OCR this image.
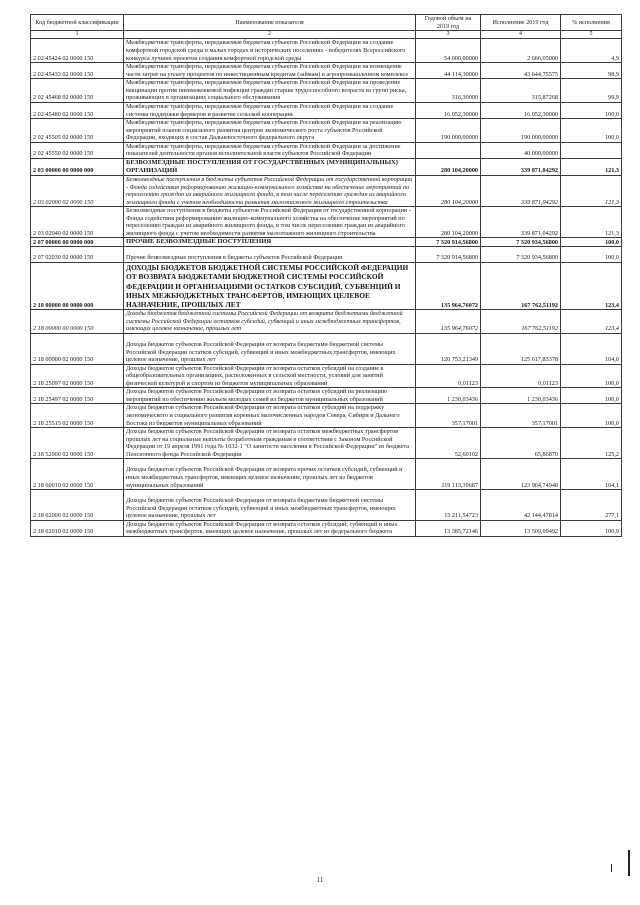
Код бюджетной классификации	Наименование показателя	Годовой объем на 2019 год	Исполнение 2019 год	% исполнения
1	2	3	4	5
2 02 45424 02 0000 150	Межбюджетные трансферты, передаваемые бюджетам субъектов Российской Федерации на создание комфортной городской среды в малых городах и исторических поселениях - победителях Всероссийского конкурса лучших проектов создания комфортной городской среды	54 000,00000	2 666,05000	4,9
2 02 45433 02 0000 150	Межбюджетные трансферты, передаваемые бюджетам субъектов Российской Федерации на возмещение части затрат на уплату процентов по инвестиционным кредитам (займам) в агропромышленном комплексе	44 114,30000	43 644,75575	98,9
2 02 45468 02 0000 150	Межбюджетные трансферты, передаваемые бюджетам субъектов Российской Федерации на проведение вакцинации против пневмококковой инфекции граждан старше трудоспособного возраста из групп риска, проживающих в организациях социального обслуживания	316,30000	315,87268	99,9
2 02 45480 02 0000 150	Межбюджетные трансферты, передаваемые бюджетам субъектов Российской Федерации на создание системы поддержки фермеров и развитие сельской кооперации	16 052,30000	16 052,30000	100,0
2 02 45505 02 0000 150	Межбюджетные трансферты, передаваемые бюджетам субъектов Российской Федерации на реализацию мероприятий планов социального развития центров экономического роста субъектов Российской Федерации, входящих в состав Дальневосточного федерального округа	190 000,00000	190 000,00000	100,0
2 02 45550 02 0000 150	Межбюджетные трансферты, передаваемые бюджетам субъектов Российской Федерации за достижение показателей деятельности органов исполнительной власти субъектов Российской Федерации		40 000,00000	
2 03 00000 00 0000 000	БЕЗВОЗМЕЗДНЫЕ ПОСТУПЛЕНИЯ ОТ ГОСУДАРСТВЕННЫХ (МУНИЦИПАЛЬНЫХ) ОРГАНИЗАЦИЙ	280 104,20000	339 871,04292	121,3
2 03 02000 02 0000 150	Безвозмездные поступления в бюджеты субъектов Российской Федерации от государственной корпорации - Фонда содействия реформированию жилищно-коммунального хозяйства на обеспечение мероприятий по переселению граждан из аварийного жилищного фонда, в том числе переселению граждан из аварийного жилищного фонда с учетом необходимости развития малоэтажного жилищного строительства	280 104,20000	339 871,04292	121,3
2 03 02040 02 0000 150	Безвозмездные поступления в бюджеты субъектов Российской Федерации от государственной корпорации - Фонда содействия реформированию жилищно-коммунального хозяйства на обеспечение мероприятий по переселению граждан из аварийного жилищного фонда, в том числе переселению граждан из аварийного жилищного фонда с учетом необходимости развития малоэтажного жилищного строительства	280 104,20000	339 871,04292	121,3
2 07 00000 00 0000 000	ПРОЧИЕ БЕЗВОЗМЕЗДНЫЕ ПОСТУПЛЕНИЯ	7 320 914,56800	7 320 934,56800	100,0
2 07 02030 02 0000 150	Прочие безвозмездные поступления в бюджеты субъектов Российской Федерации	7 320 914,56800	7 320 934,56800	100,0
2 18 00000 00 0000 000	ДОХОДЫ БЮДЖЕТОВ БЮДЖЕТНОЙ СИСТЕМЫ РОССИЙСКОЙ ФЕДЕРАЦИИ ОТ ВОЗВРАТА БЮДЖЕТАМИ БЮДЖЕТНОЙ СИСТЕМЫ РОССИЙСКОЙ ФЕДЕРАЦИИ И ОРГАНИЗАЦИЯМИ ОСТАТКОВ СУБСИДИЙ, СУБВЕНЦИЙ И ИНЫХ МЕЖБЮДЖЕТНЫХ ТРАНСФЕРТОВ, ИМЕЮЩИХ ЦЕЛЕВОЕ НАЗНАЧЕНИЕ, ПРОШЛЫХ ЛЕТ	135 964,76072	167 762,51192	123,4
2 18 00000 00 0000 150	Доходы бюджетов бюджетной системы Российской Федерации от возврата бюджетами бюджетной системы Российской Федерации остатков субсидий, субвенций и иных межбюджетных трансфертов, имеющих целевое назначение, прошлых лет	135 964,76072	167 762,51192	123,4
2 18 00000 02 0000 150	Доходы бюджетов субъектов Российской Федерации от возврата бюджетами бюджетной системы Российской Федерации остатков субсидий, субвенций и иных межбюджетных трансфертов, имеющих целевое назначение, прошлых лет	120 753,21349	125 617,83378	104,0
2 18 25097 02 0000 150	Доходы бюджетов субъектов Российской Федерации от возврата остатков субсидий на создание в общеобразовательных организациях, расположенных в сельской местности, условий для занятий физической культурой и спортом из бюджетов муниципальных образований	0,01123	0,01123	100,0
2 18 25497 02 0000 150	Доходы бюджетов субъектов Российской Федерации от возврата остатков субсидий на реализацию мероприятий по обеспечению жильем молодых семей из бюджетов муниципальных образований	1 230,03436	1 230,03436	100,0
2 18 25515 02 0000 150	Доходы бюджетов субъектов Российской Федерации от возврата остатков субсидий на поддержку экономического и социального развития коренных малочисленных народов Севера, Сибири и Дальнего Востока из бюджетов муниципальных образований	357,17001	357,17001	100,0
2 18 52900 02 0000 150	Доходы бюджетов субъектов Российской Федерации от возврата остатков межбюджетных трансфертов прошлых лет на социальные выплаты безработным гражданам в соответствии с Законом Российской Федерации от 19 апреля 1991 года № 1032-1 "О занятости населения в Российской Федерации" из бюджета Пенсионного фонда Российской Федерации	52,60102	65,86870	125,2
2 18 60010 02 0000 150	Доходы бюджетов субъектов Российской Федерации от возврата прочих остатков субсидий, субвенций и иных межбюджетных трансфертов, имеющих целевое назначение, прошлых лет из бюджетов муниципальных образований	119 113,39687	123 964,74948	104,1
2 18 02000 02 0000 150	Доходы бюджетов субъектов Российской Федерации от возврата бюджетами бюджетной системы Российской Федерации остатков субсидий, субвенций и иных межбюджетных трансфертов, имеющих целевое назначение, прошлых лет	15 211,54723	42 144,47814	277,1
2 18 02010 02 0000 150	Доходы бюджетов субъектов Российской Федерации от возврата остатков субсидий, субвенций и иных межбюджетных трансфертов, имеющих целевое назначение, прошлых лет из федерального бюджета	13 385,72146	13 509,09492	100,9
11
